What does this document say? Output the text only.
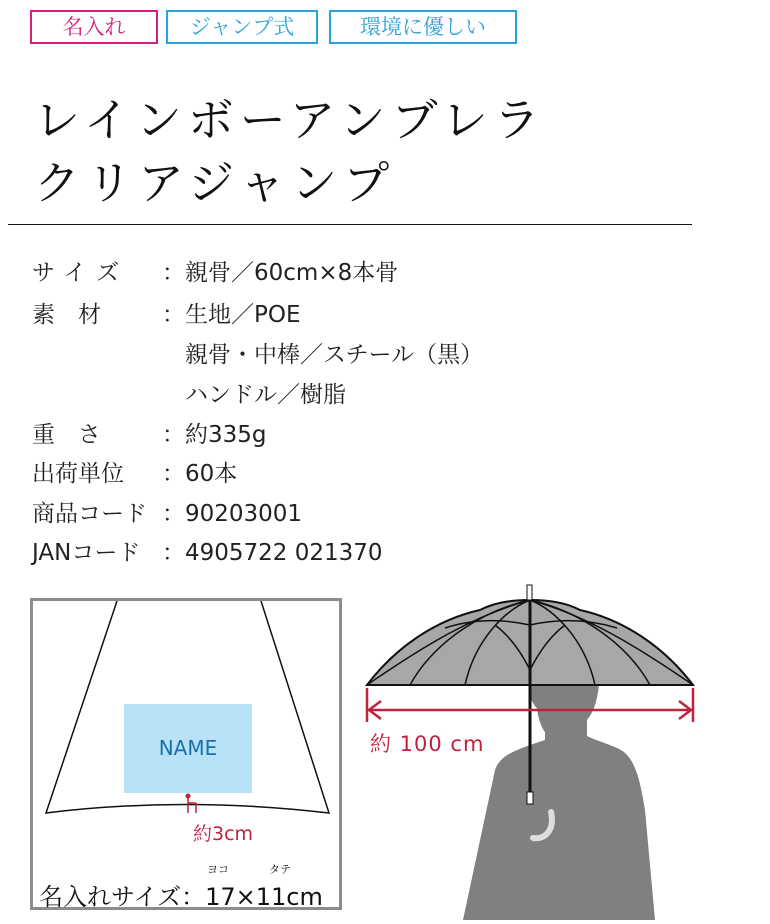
名入れ	ジャンプ式	環境に優しい
レインボーアンブレラ
クリアジャンプ
サイズ ：親骨／60cm×8本骨
素　材	：生地／POE
　親骨・中棒／スチール（黒）
　ハンドル／樹脂
重　さ	：約335g
出荷単位 ：60本
商品コード ：90203001
JANコード ：4905722 021370
NAME
約3cm
ヨコ	タテ
名入れサイズ：17×11cm
約 100 cm
